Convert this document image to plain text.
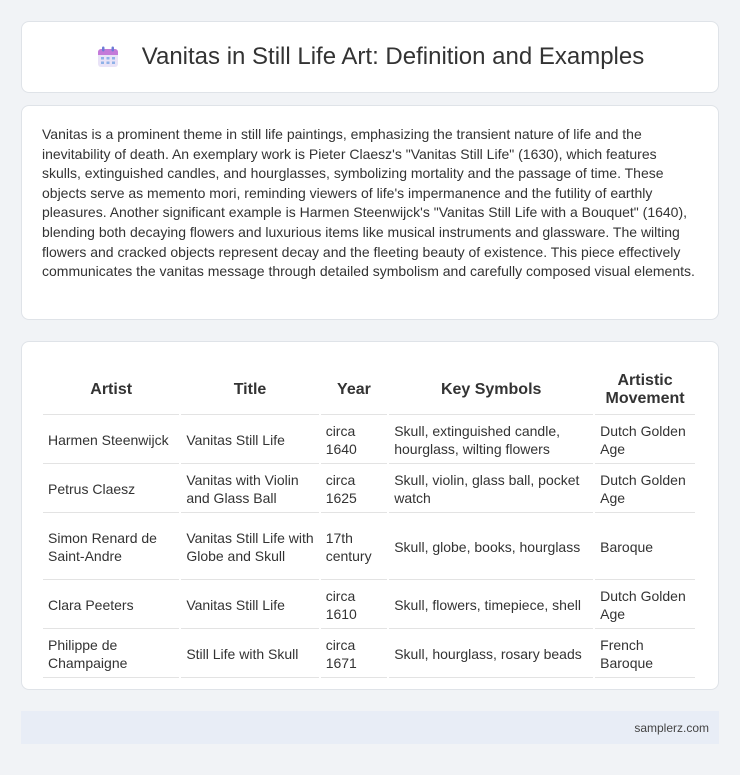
Vanitas in Still Life Art: Definition and Examples

Vanitas is a prominent theme in still life paintings, emphasizing the transient nature of life and the inevitability of death. An exemplary work is Pieter Claesz's "Vanitas Still Life" (1630), which features skulls, extinguished candles, and hourglasses, symbolizing mortality and the passage of time. These objects serve as memento mori, reminding viewers of life's impermanence and the futility of earthly pleasures. Another significant example is Harmen Steenwijck's "Vanitas Still Life with a Bouquet" (1640), blending both decaying flowers and luxurious items like musical instruments and glassware. The wilting flowers and cracked objects represent decay and the fleeting beauty of existence. This piece effectively communicates the vanitas message through detailed symbolism and carefully composed visual elements.

Artist	Title	Year	Key Symbols	Artistic Movement
Harmen Steenwijck	Vanitas Still Life	circa 1640	Skull, extinguished candle, hourglass, wilting flowers	Dutch Golden Age
Petrus Claesz	Vanitas with Violin and Glass Ball	circa 1625	Skull, violin, glass ball, pocket watch	Dutch Golden Age
Simon Renard de Saint-Andre	Vanitas Still Life with Globe and Skull	17th century	Skull, globe, books, hourglass	Baroque
Clara Peeters	Vanitas Still Life	circa 1610	Skull, flowers, timepiece, shell	Dutch Golden Age
Philippe de Champaigne	Still Life with Skull	circa 1671	Skull, hourglass, rosary beads	French Baroque
samplerz.com
